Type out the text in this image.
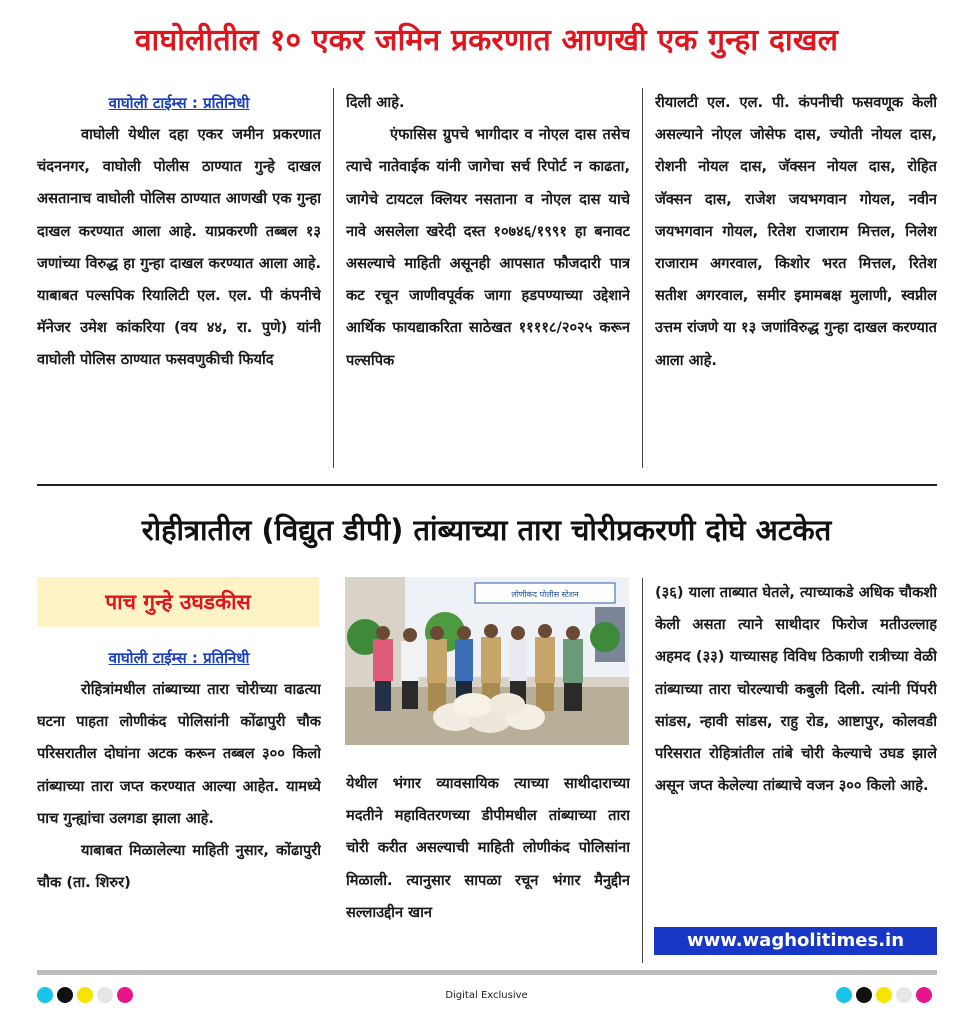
वाघोलीतील १० एकर जमिन प्रकरणात आणखी एक गुन्हा दाखल
वाघोली टाईम्स : प्रतिनिधी

वाघोली येथील दहा एकर जमीन प्रकरणात चंदननगर, वाघोली पोलीस ठाण्यात गुन्हे दाखल असतानाच वाघोली पोलिस ठाण्यात आणखी एक गुन्हा दाखल करण्यात आला आहे. याप्रकरणी तब्बल १३ जणांच्या विरुद्ध हा गुन्हा दाखल करण्यात आला आहे. याबाबत पल्सपिक रियालिटी एल. एल. पी कंपनीचे मॅनेजर उमेश कांकरिया (वय ४४, रा. पुणे) यांनी वाघोली पोलिस ठाण्यात फसवणुकीची फिर्याद

दिली आहे.

एंफासिस ग्रुपचे भागीदार व नोएल दास तसेच त्याचे नातेवाईक यांनी जागेचा सर्च रिपोर्ट न काढता, जागेचे टायटल क्लियर नसताना व नोएल दास याचे नावे असलेला खरेदी दस्त १०७४६/१९९१ हा बनावट असल्याचे माहिती असूनही आपसात फौजदारी पात्र कट रचून जाणीवपूर्वक जागा हडपण्याच्या उद्देशाने आर्थिक फायद्याकरिता साठेखत ११११८/२०२५ करून पल्सपिक

रीयालटी एल. एल. पी. कंपनीची फसवणूक केली असल्याने नोएल जोसेफ दास, ज्योती नोयल दास, रोशनी नोयल दास, जॅक्सन नोयल दास, रोहित जॅक्सन दास, राजेश जयभगवान गोयल, नवीन जयभगवान गोयल, रितेश राजाराम मित्तल, निलेश राजाराम अगरवाल, किशोर भरत मित्तल, रितेश सतीश अगरवाल, समीर इमामबक्ष मुलाणी, स्वप्नील उत्तम रांजणे या १३ जणांविरुद्ध गुन्हा दाखल करण्यात आला आहे.

रोहीत्रातील (विद्युत डीपी) तांब्याच्या तारा चोरीप्रकरणी दोघे अटकेत
पाच गुन्हे उघडकीस
वाघोली टाईम्स : प्रतिनिधी

रोहित्रांमधील तांब्याच्या तारा चोरीच्या वाढत्या घटना पाहता लोणीकंद पोलिसांनी कोंढापुरी चौक परिसरातील दोघांना अटक करून तब्बल ३०० किलो तांब्याच्या तारा जप्त करण्यात आल्या आहेत. यामध्ये पाच गुन्ह्यांचा उलगडा झाला आहे.

याबाबत मिळालेल्या माहिती नुसार, कोंढापुरी चौक (ता. शिरुर)

लोणीकंद पोलीस स्टेशन

येथील भंगार व्यावसायिक त्याच्या साथीदाराच्या मदतीने महावितरणच्या डीपीमधील तांब्याच्या तारा चोरी करीत असल्याची माहिती लोणीकंद पोलिसांना मिळाली. त्यानुसार सापळा रचून भंगार मैनुद्दीन सल्लाउद्दीन खान

(३६) याला ताब्यात घेतले, त्याच्याकडे अधिक चौकशी केली असता त्याने साथीदार फिरोज मतीउल्लाह अहमद (३३) याच्यासह विविध ठिकाणी रात्रीच्या वेळी तांब्याच्या तारा चोरल्याची कबुली दिली. त्यांनी पिंपरी सांडस, न्हावी सांडस, राहु रोड, आष्टापुर, कोलवडी परिसरात रोहित्रांतील तांबे चोरी केल्याचे उघड झाले असून जप्त केलेल्या तांब्याचे वजन ३०० किलो आहे.

www.wagholitimes.in
Digital Exclusive
